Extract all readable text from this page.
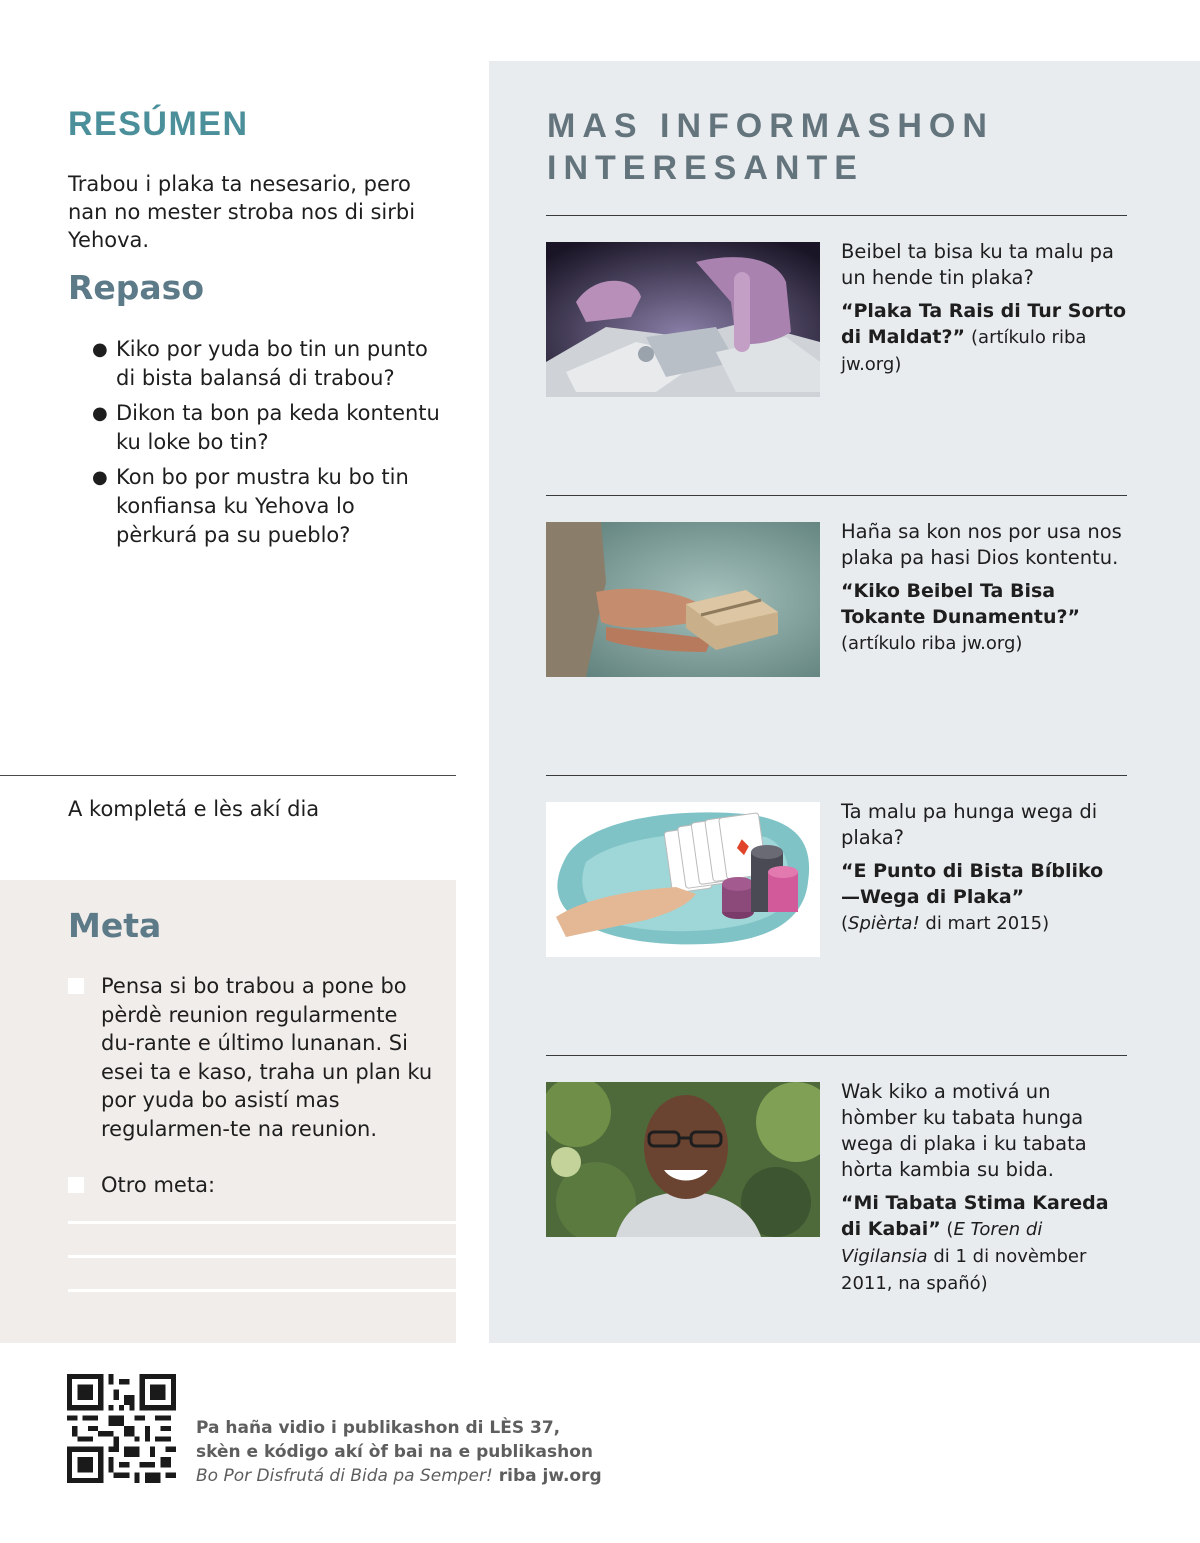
RESÚMEN

Trabou i plaka ta nesesario, pero nan no mester stroba nos di sirbi Yehova.

Repaso
● Kiko por yuda bo tin un punto di bista balansá di trabou?
● Dikon ta bon pa keda kontentu ku loke bo tin?
● Kon bo por mustra ku bo tin konfiansa ku Yehova lo pèrkurá pa su pueblo?

A kompletá e lès akí dia

Meta
Pensa si bo trabou a pone bo pèrdè reunion regularmente du-rante e último lunanan. Si esei ta e kaso, traha un plan ku por yuda bo asistí mas regularmen-te na reunion.
Otro meta:
MAS INFORMASHON
INTERESANTE

Beibel ta bisa ku ta malu pa un hende tin plaka?

“Plaka Ta Rais di Tur Sorto di Maldat?” (artíkulo riba jw.org)

Haña sa kon nos por usa nos plaka pa hasi Dios kontentu.

“Kiko Beibel Ta Bisa Tokante Dunamentu?”
(artíkulo riba jw.org)

Ta malu pa hunga wega di plaka?

“E Punto di Bista Bíbliko —Wega di Plaka”
(Spièrta! di mart 2015)

Wak kiko a motivá un hòmber ku tabata hunga wega di plaka i ku tabata hòrta kambia su bida.

“Mi Tabata Stima Kareda di Kabai” (E Toren di Vigilansia di 1 di novèmber 2011, na spañó)

Pa haña vidio i publikashon di LÈS 37,
skèn e kódigo akí òf bai na e publikashon
Bo Por Disfrutá di Bida pa Semper! riba jw.org
